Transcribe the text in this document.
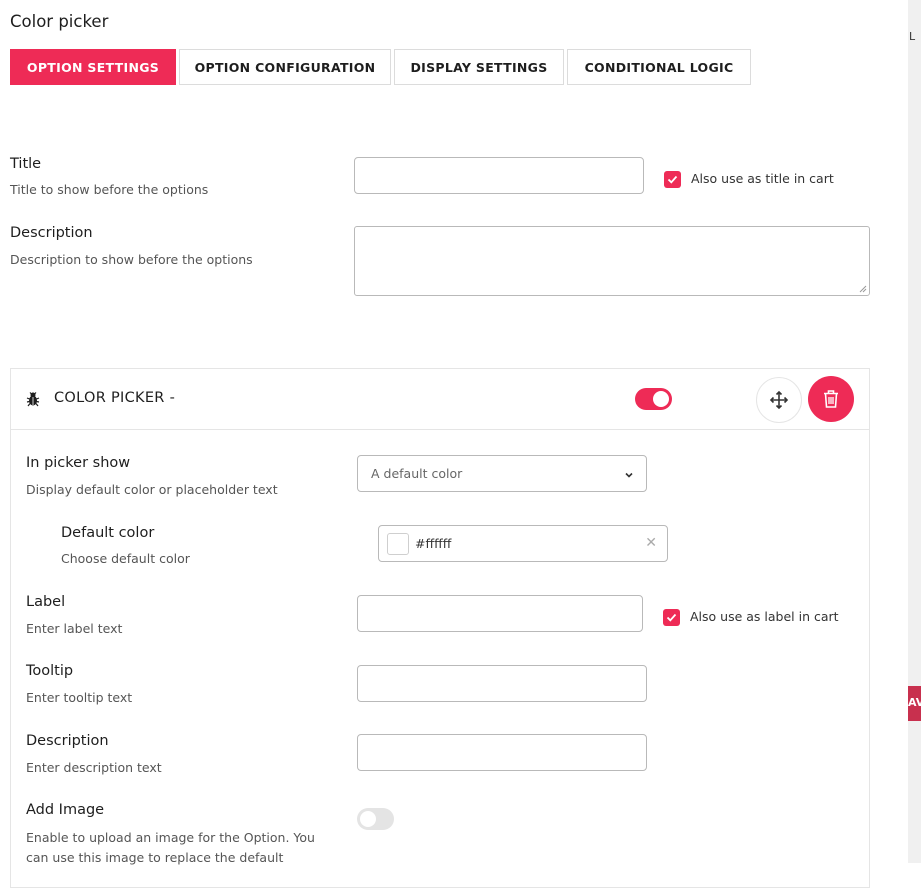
Color picker
OPTION SETTINGS	OPTION CONFIGURATION	DISPLAY SETTINGS	CONDITIONAL LOGIC
Title
Title to show before the options
Also use as title in cart
Description
Description to show before the options
COLOR PICKER -
In picker show
Display default color or placeholder text
A default color
Default color
Choose default color
#ffffff	✕
Label
Enter label text
Also use as label in cart
Tooltip
Enter tooltip text
Description
Enter description text
Add Image
Enable to upload an image for the Option. You
can use this image to replace the default
L
AV
